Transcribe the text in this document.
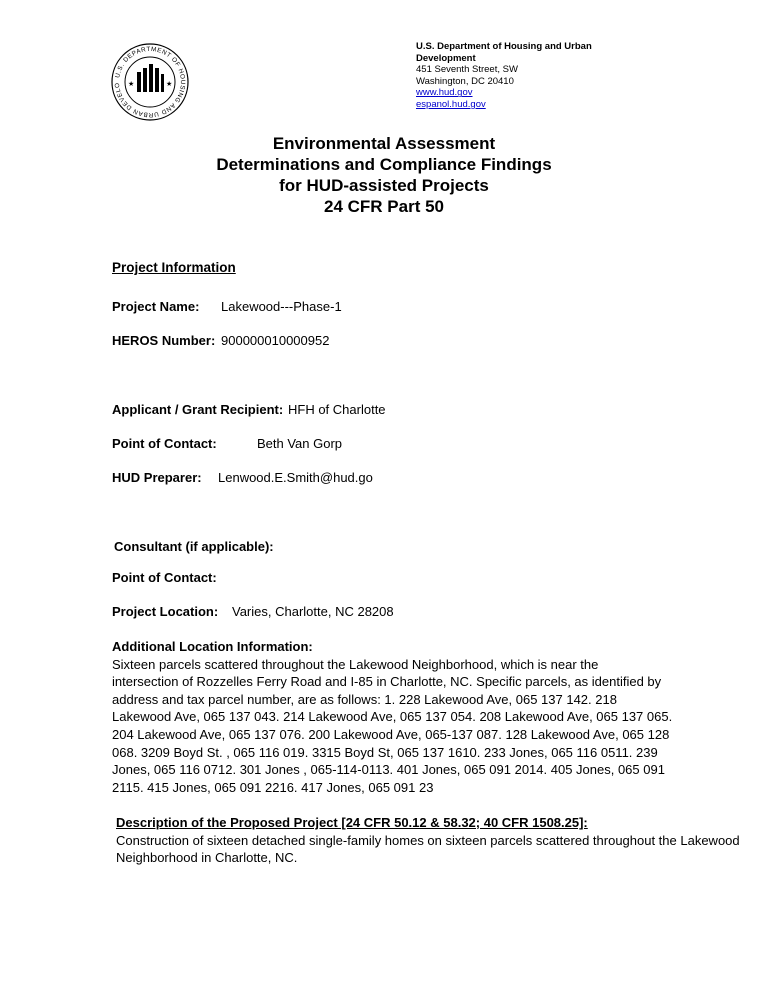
U.S. DEPARTMENT OF HOUSING AND URBAN DEVELO ★	★
U.S. Department of Housing and Urban
Development
451 Seventh Street, SW
Washington, DC 20410
www.hud.gov
espanol.hud.gov
Environmental Assessment
Determinations and Compliance Findings
for HUD-assisted Projects
24 CFR Part 50
Project Information
Project Name: Lakewood---Phase-1
HEROS Number: 900000010000952
Applicant / Grant Recipient: HFH of Charlotte
Point of Contact:	Beth Van Gorp
HUD Preparer: Lenwood.E.Smith@hud.go
Consultant (if applicable):
Point of Contact:
Project Location: Varies, Charlotte, NC 28208
Additional Location Information:
Sixteen parcels scattered throughout the Lakewood Neighborhood, which is near the
intersection of Rozzelles Ferry Road and I-85 in Charlotte, NC. Specific parcels, as identified by
address and tax parcel number, are as follows: 1. 228 Lakewood Ave, 065 137 142. 218
Lakewood Ave, 065 137 043. 214 Lakewood Ave, 065 137 054. 208 Lakewood Ave, 065 137 065.
204 Lakewood Ave, 065 137 076. 200 Lakewood Ave, 065-137 087. 128 Lakewood Ave, 065 128
068. 3209 Boyd St. , 065 116 019. 3315 Boyd St, 065 137 1610. 233 Jones, 065 116 0511. 239
Jones, 065 116 0712. 301 Jones , 065-114-0113. 401 Jones, 065 091 2014. 405 Jones, 065 091
2115. 415 Jones, 065 091 2216. 417 Jones, 065 091 23
Description of the Proposed Project [24 CFR 50.12 & 58.32; 40 CFR 1508.25]:
Construction of sixteen detached single-family homes on sixteen parcels scattered throughout the Lakewood
Neighborhood in Charlotte, NC.
